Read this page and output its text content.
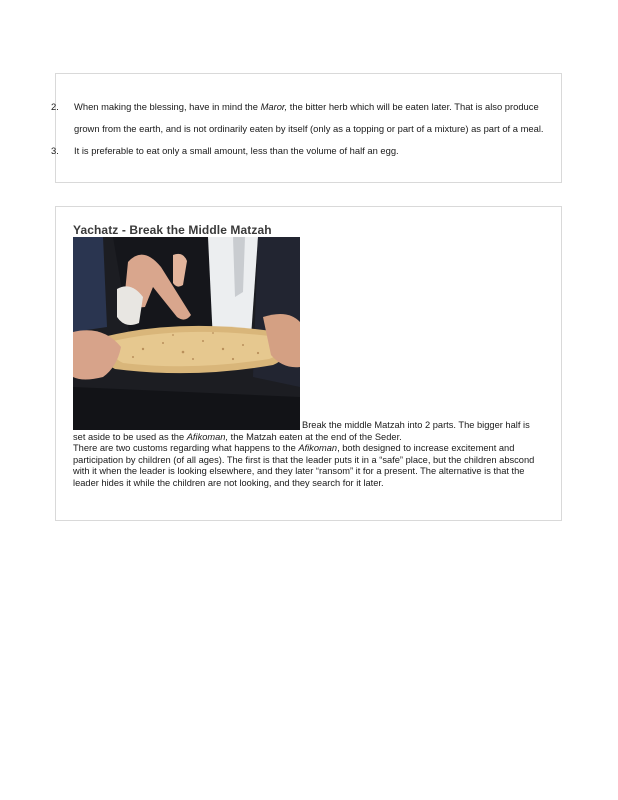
2. When making the blessing, have in mind the Maror, the bitter herb which will be eaten later. That is also produce grown from the earth, and is not ordinarily eaten by itself (only as a topping or part of a mixture) as part of a meal.
3. It is preferable to eat only a small amount, less than the volume of half an egg.
Yachatz - Break the Middle Matzah

Break the middle Matzah into 2 parts. The bigger half is set aside to be used as the Afikoman, the Matzah eaten at the end of the Seder.

There are two customs regarding what happens to the Afikoman, both designed to increase excitement and participation by children (of all ages). The first is that the leader puts it in a “safe” place, but the children abscond with it when the leader is looking elsewhere, and they later “ransom” it for a present. The alternative is that the leader hides it while the children are not looking, and they search for it later.
